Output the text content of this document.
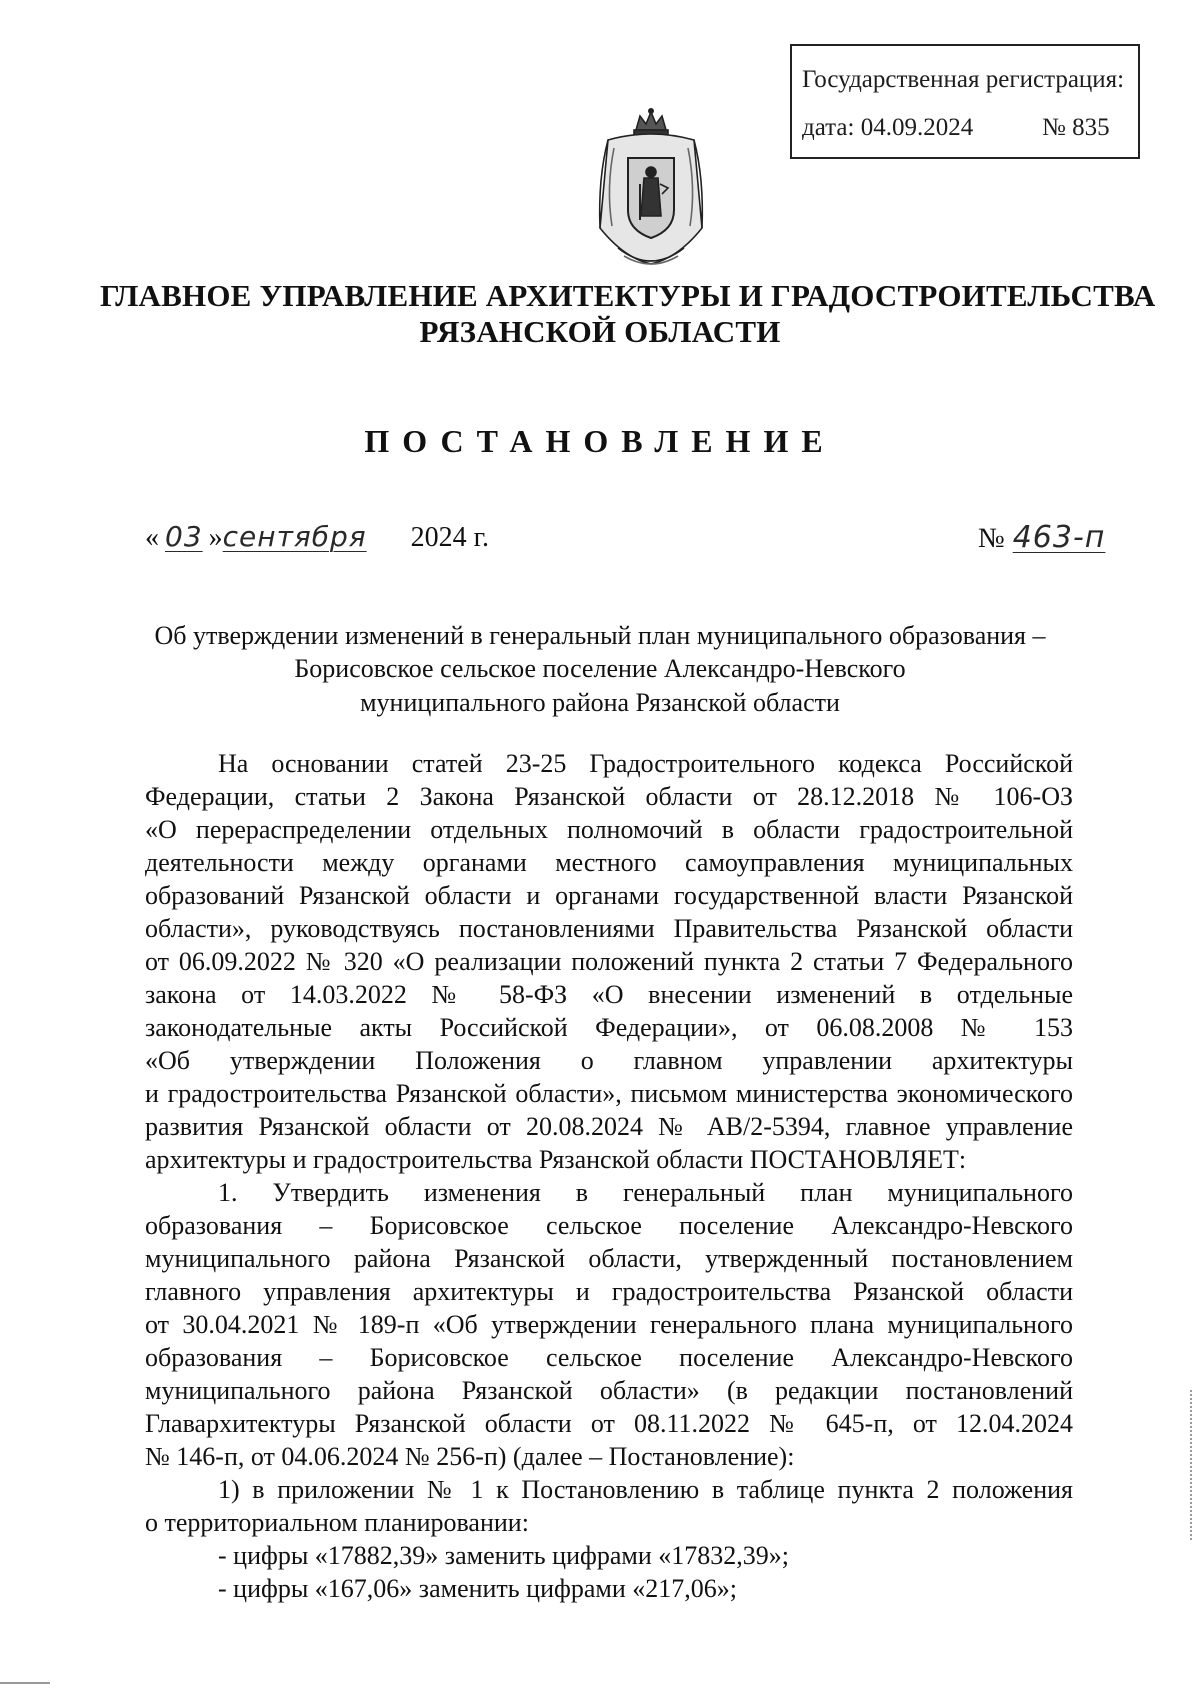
Государственная регистрация:
дата: 04.09.2024	№ 835
ГЛАВНОЕ УПРАВЛЕНИЕ АРХИТЕКТУРЫ И ГРАДОСТРОИТЕЛЬСТВА
РЯЗАНСКОЙ ОБЛАСТИ
ПОСТАНОВЛЕНИЕ
« 03 »сентября 2024 г.	№ 463-п
Об утверждении изменений в генеральный план муниципального образования –
Борисовское сельское поселение Александро-Невского
муниципального района Рязанской области
На основании статей 23-25 Градостроительного кодекса Российской
Федерации, статьи 2 Закона Рязанской области от 28.12.2018 № 106-ОЗ
«О перераспределении отдельных полномочий в области градостроительной
деятельности между органами местного самоуправления муниципальных
образований Рязанской области и органами государственной власти Рязанской
области», руководствуясь постановлениями Правительства Рязанской области
от 06.09.2022 № 320 «О реализации положений пункта 2 статьи 7 Федерального
закона от 14.03.2022 № 58-ФЗ «О внесении изменений в отдельные
законодательные акты Российской Федерации», от 06.08.2008 № 153
«Об утверждении Положения о главном управлении архитектуры
и градостроительства Рязанской области», письмом министерства экономического
развития Рязанской области от 20.08.2024 № АВ/2-5394, главное управление
архитектуры и градостроительства Рязанской области ПОСТАНОВЛЯЕТ:
1. Утвердить изменения в генеральный план муниципального
образования – Борисовское сельское поселение Александро-Невского
муниципального района Рязанской области, утвержденный постановлением
главного управления архитектуры и градостроительства Рязанской области
от 30.04.2021 № 189-п «Об утверждении генерального плана муниципального
образования – Борисовское сельское поселение Александро-Невского
муниципального района Рязанской области» (в редакции постановлений
Главархитектуры Рязанской области от 08.11.2022 № 645-п, от 12.04.2024
№ 146-п, от 04.06.2024 № 256-п) (далее – Постановление):
1) в приложении № 1 к Постановлению в таблице пункта 2 положения
о территориальном планировании:
- цифры «17882,39» заменить цифрами «17832,39»;
- цифры «167,06» заменить цифрами «217,06»;
